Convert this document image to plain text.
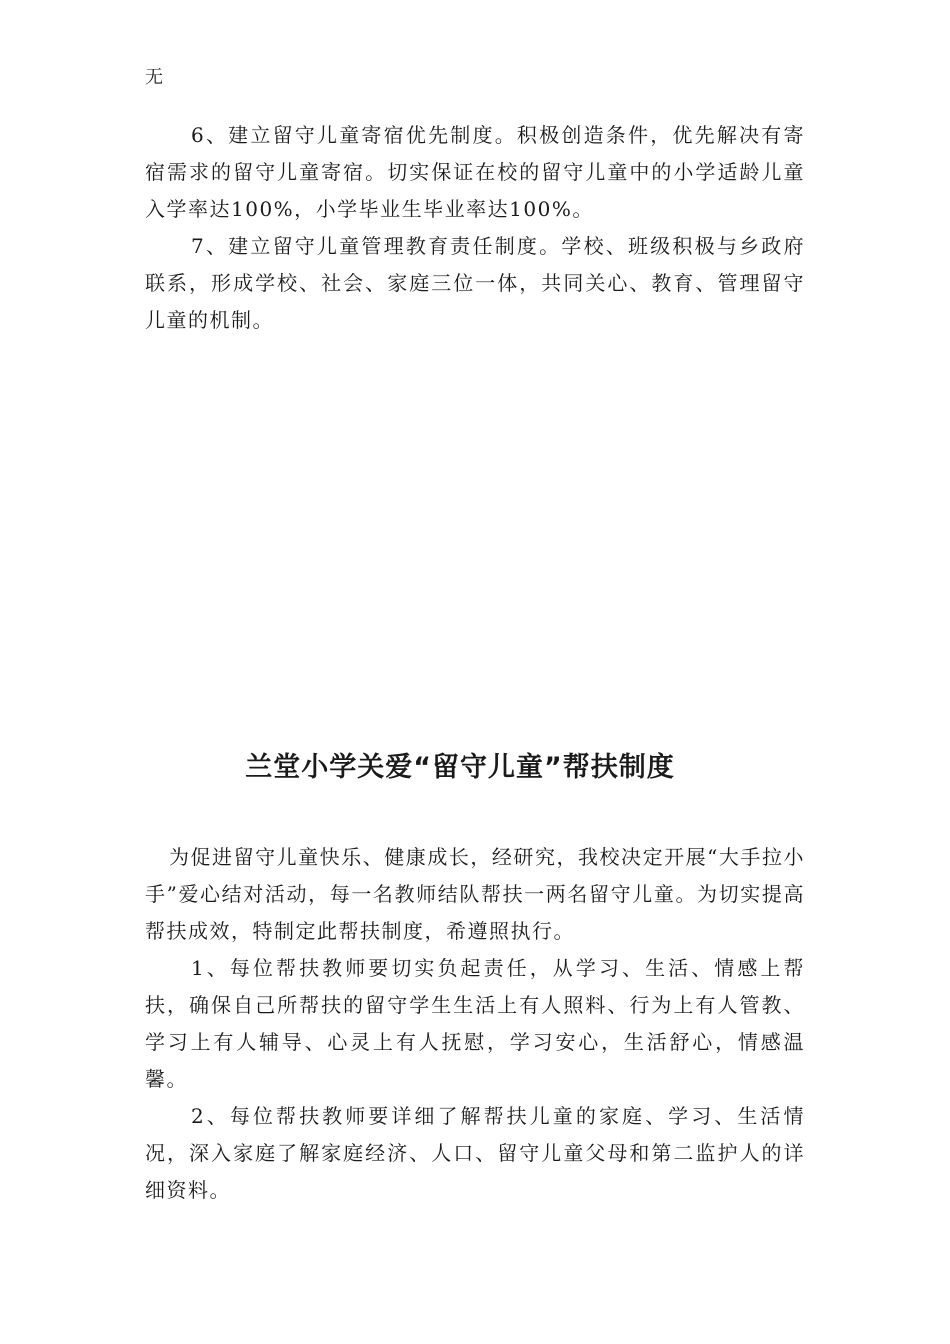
无

6、建立留守儿童寄宿优先制度。积极创造条件，优先解决有寄宿需求的留守儿童寄宿。切实保证在校的留守儿童中的小学适龄儿童入学率达100%，小学毕业生毕业率达100%。

7、建立留守儿童管理教育责任制度。学校、班级积极与乡政府联系，形成学校、社会、家庭三位一体，共同关心、教育、管理留守儿童的机制。

兰堂小学关爱“留守儿童”帮扶制度

为促进留守儿童快乐、健康成长，经研究，我校决定开展“大手拉小手”爱心结对活动，每一名教师结队帮扶一两名留守儿童。为切实提高帮扶成效，特制定此帮扶制度，希遵照执行。

1、每位帮扶教师要切实负起责任，从学习、生活、情感上帮扶，确保自己所帮扶的留守学生生活上有人照料、行为上有人管教、学习上有人辅导、心灵上有人抚慰，学习安心，生活舒心，情感温馨。

2、每位帮扶教师要详细了解帮扶儿童的家庭、学习、生活情况，深入家庭了解家庭经济、人口、留守儿童父母和第二监护人的详细资料。
